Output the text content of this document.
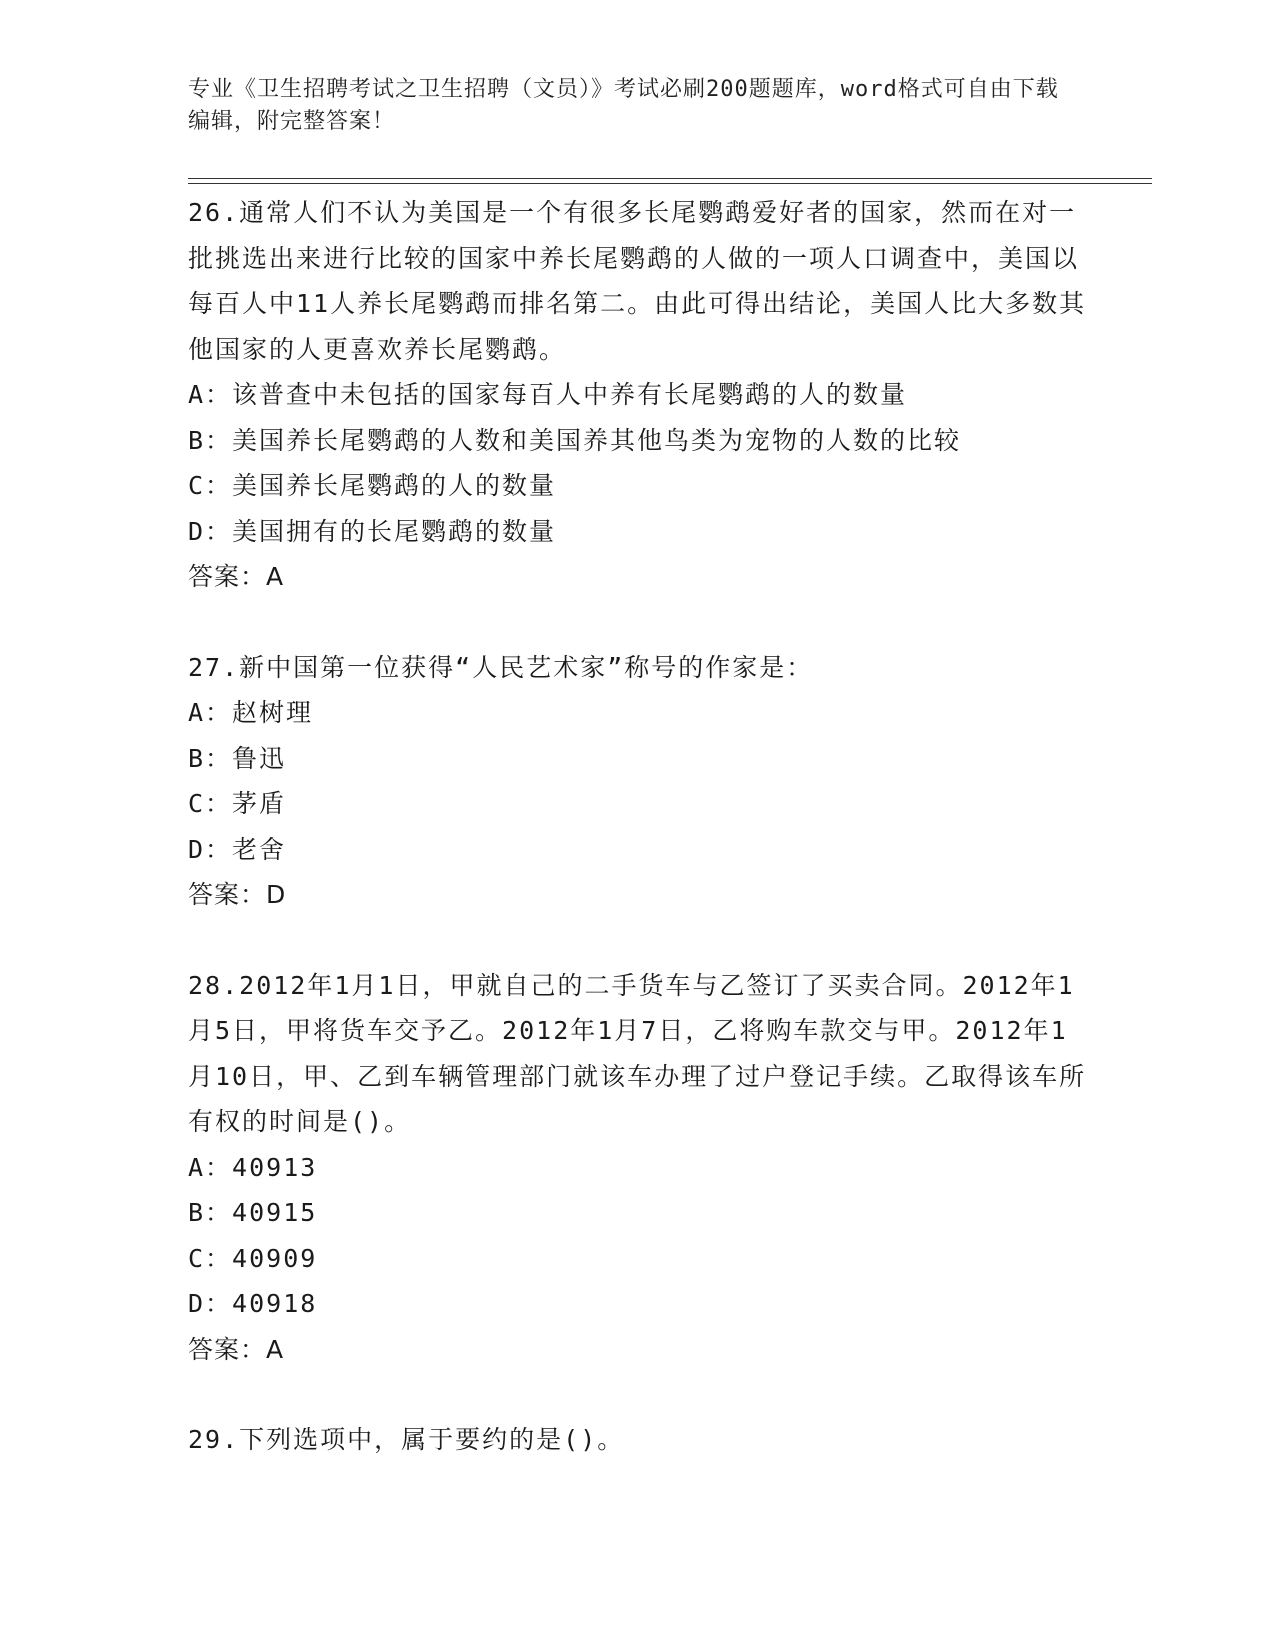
专业《卫生招聘考试之卫生招聘（文员）》考试必刷200题题库，word格式可自由下载编辑，附完整答案！
26.通常人们不认为美国是一个有很多长尾鹦鹉爱好者的国家，然而在对一批挑选出来进行比较的国家中养长尾鹦鹉的人做的一项人口调查中，美国以每百人中11人养长尾鹦鹉而排名第二。由此可得出结论，美国人比大多数其他国家的人更喜欢养长尾鹦鹉。
A：该普查中未包括的国家每百人中养有长尾鹦鹉的人的数量
B：美国养长尾鹦鹉的人数和美国养其他鸟类为宠物的人数的比较
C：美国养长尾鹦鹉的人的数量
D：美国拥有的长尾鹦鹉的数量
答案：A
27.新中国第一位获得“人民艺术家”称号的作家是：
A：赵树理
B：鲁迅
C：茅盾
D：老舍
答案：D
28.2012年1月1日，甲就自己的二手货车与乙签订了买卖合同。2012年1月5日，甲将货车交予乙。2012年1月7日，乙将购车款交与甲。2012年1月10日，甲、乙到车辆管理部门就该车办理了过户登记手续。乙取得该车所有权的时间是()。
A：40913
B：40915
C：40909
D：40918
答案：A
29.下列选项中，属于要约的是()。
